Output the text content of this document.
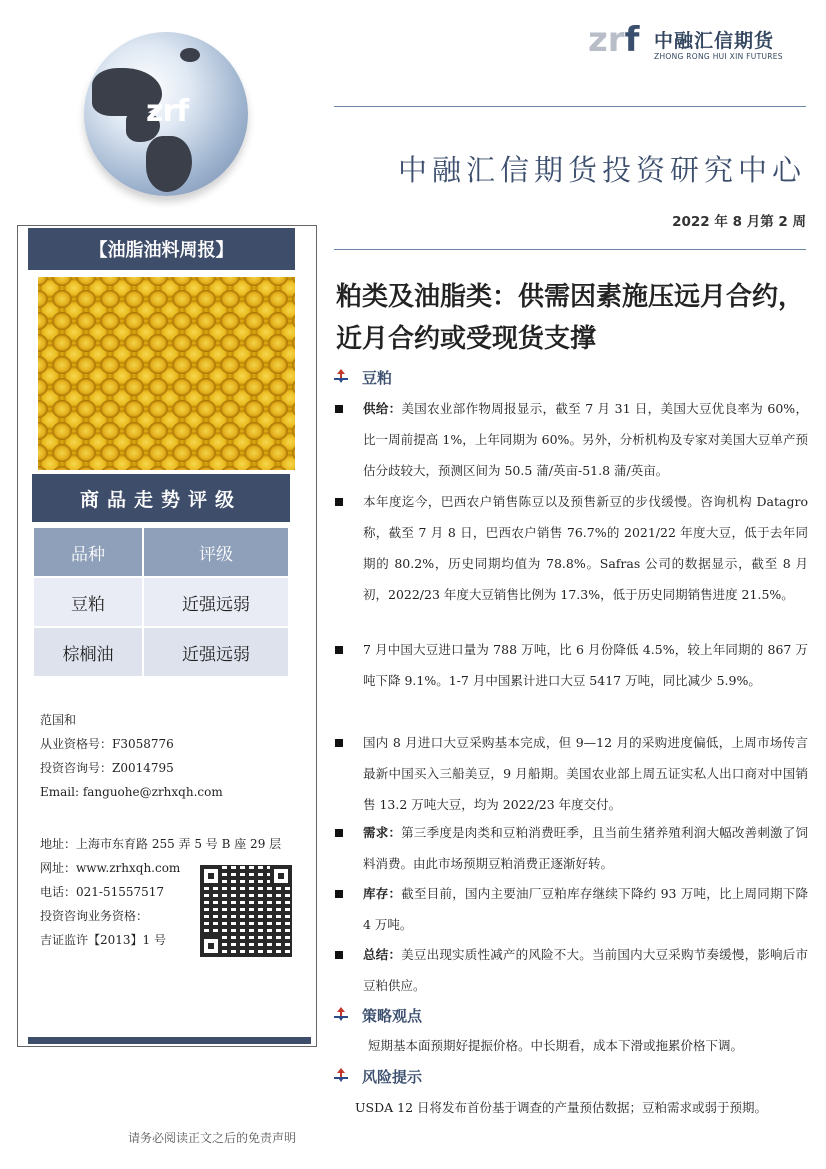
zrf
zrf 中融汇信期货
ZHONG RONG HUI XIN FUTURES
中融汇信期货投资研究中心
2022 年 8 月第 2 周
【油脂油料周报】
商品走势评级
品种	评级
豆粕	近强远弱
棕榈油	近强远弱
范国和
从业资格号：F3058776
投资咨询号：Z0014795
Email: fanguohe@zrhxqh.com
地址：上海市东育路 255 弄 5 号 B 座 29 层
网址：www.zrhxqh.com
电话：021-51557517
投资咨询业务资格：
吉证监许【2013】1 号
请务必阅读正文之后的免责声明
粕类及油脂类：供需因素施压远月合约，近月合约或受现货支撑
豆粕
供给：美国农业部作物周报显示，截至 7 月 31 日，美国大豆优良率为 60%，比一周前提高 1%，上年同期为 60%。另外，分析机构及专家对美国大豆单产预估分歧较大，预测区间为 50.5 蒲/英亩-51.8 蒲/英亩。
本年度迄今，巴西农户销售陈豆以及预售新豆的步伐缓慢。咨询机构 Datagro 称，截至 7 月 8 日，巴西农户销售 76.7%的 2021/22 年度大豆，低于去年同期的 80.2%，历史同期均值为 78.8%。Safras 公司的数据显示，截至 8 月初，2022/23 年度大豆销售比例为 17.3%，低于历史同期销售进度 21.5%。
7 月中国大豆进口量为 788 万吨，比 6 月份降低 4.5%，较上年同期的 867 万吨下降 9.1%。1-7 月中国累计进口大豆 5417 万吨，同比减少 5.9%。
国内 8 月进口大豆采购基本完成，但 9—12 月的采购进度偏低，上周市场传言最新中国买入三船美豆，9 月船期。美国农业部上周五证实私人出口商对中国销售 13.2 万吨大豆，均为 2022/23 年度交付。
需求：第三季度是肉类和豆粕消费旺季，且当前生猪养殖利润大幅改善刺激了饲料消费。由此市场预期豆粕消费正逐渐好转。
库存：截至目前，国内主要油厂豆粕库存继续下降约 93 万吨，比上周同期下降 4 万吨。
总结：美豆出现实质性减产的风险不大。当前国内大豆采购节奏缓慢，影响后市豆粕供应。
策略观点
短期基本面预期好提振价格。中长期看，成本下滑或拖累价格下调。
风险提示
USDA 12 日将发布首份基于调查的产量预估数据；豆粕需求或弱于预期。
